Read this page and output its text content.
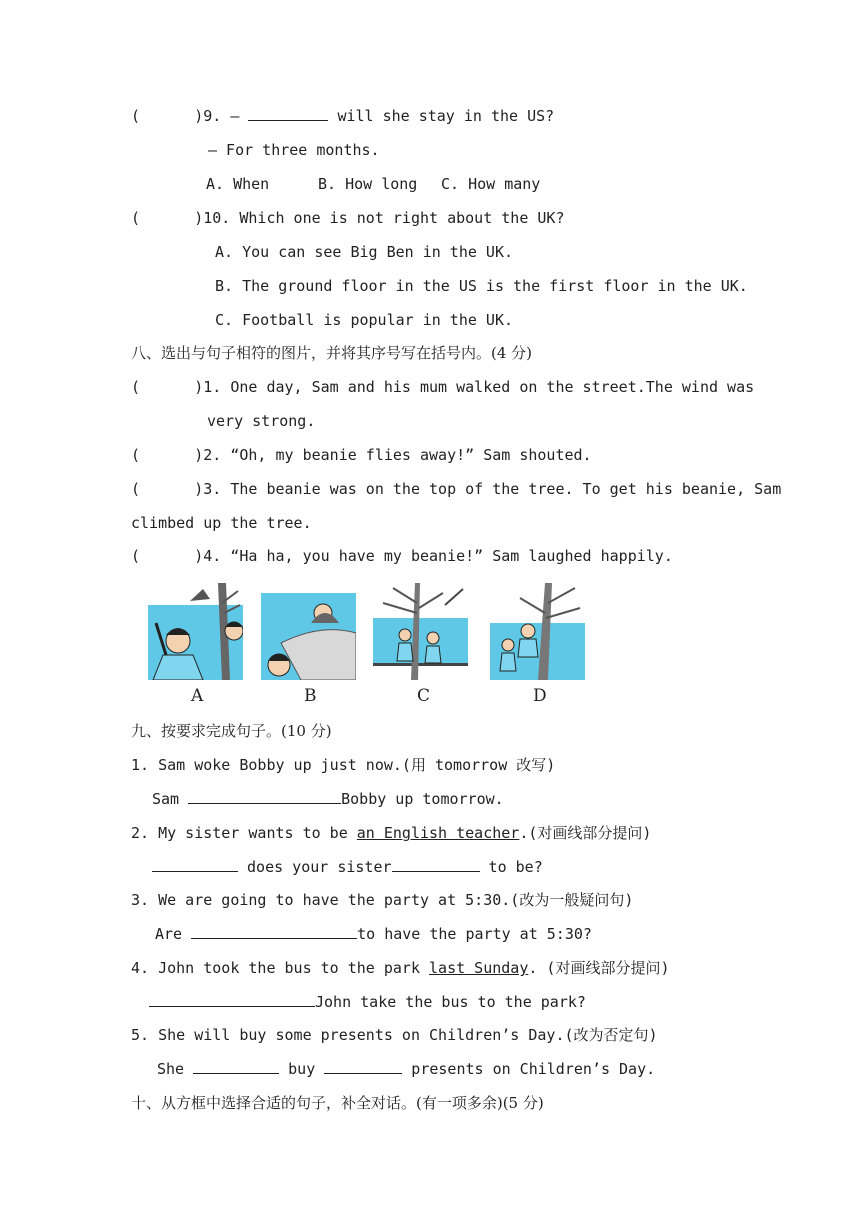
(      )9. —	will she stay in the US?
— For three months.
A. When	B. How long C. How many
(      )10. Which one is not right about the UK?
A. You can see Big Ben in the UK.
B. The ground floor in the US is the first floor in the UK.
C. Football is popular in the UK.
八、选出与句子相符的图片，并将其序号写在括号内。(4 分)
(      )1. One day, Sam and his mum walked on the street.The wind was
very strong.
(      )2. “Oh, my beanie flies away!” Sam shouted.
(      )3. The beanie was on the top of the tree. To get his beanie, Sam
climbed up the tree.
(      )4. “Ha ha, you have my beanie!” Sam laughed happily.
A	B	C	D
九、按要求完成句子。(10 分)
1. Sam woke Bobby up just now.(用 tomorrow 改写)
Sam	Bobby up tomorrow.
2. My sister wants to be an English teacher.(对画线部分提问)
does your sister	to be?
3. We are going to have the party at 5:30.(改为一般疑问句)
Are	to have the party at 5:30?
4. John took the bus to the park last Sunday. (对画线部分提问)
John take the bus to the park?
5. She will buy some presents on Children’s Day.(改为否定句)
She	buy	presents on Children’s Day.
十、从方框中选择合适的句子，补全对话。(有一项多余)(5 分)
